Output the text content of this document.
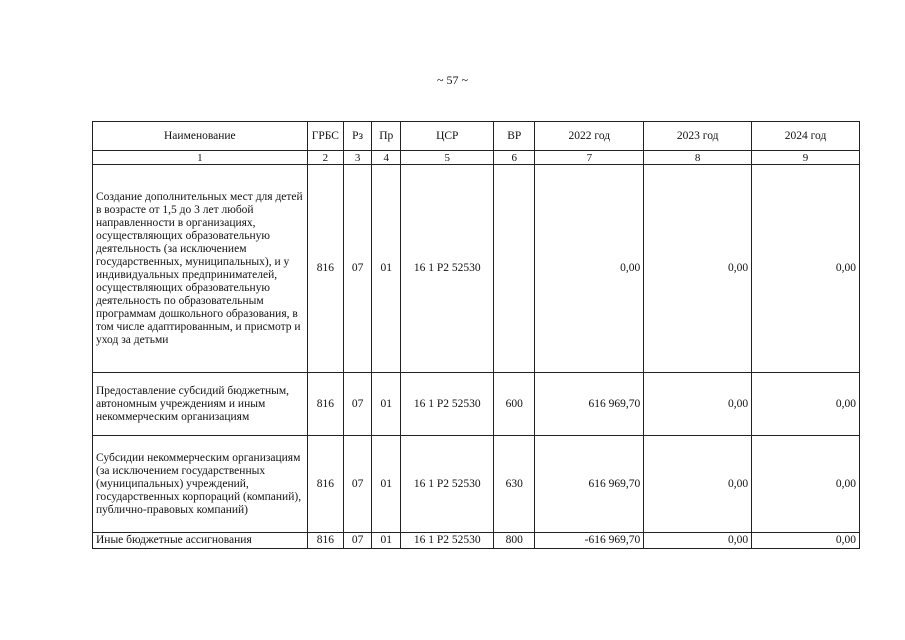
~ 57 ~
Наименование	ГРБС	Рз	Пр	ЦСР	ВР	2022 год	2023 год	2024 год
1	2	3	4	5	6	7	8	9
Создание дополнительных мест для детей в возрасте от 1,5 до 3 лет любой направленности в организациях, осуществляющих образовательную деятельность (за исключением государственных, муниципальных), и у индивидуальных предпринимателей, осуществляющих образовательную деятельность по образовательным программам дошкольного образования, в том числе адаптированным, и присмотр и уход за детьми	816	07	01	16 1 P2 52530		0,00	0,00	0,00
Предоставление субсидий бюджетным, автономным учреждениям и иным некоммерческим организациям	816	07	01	16 1 P2 52530	600	616 969,70	0,00	0,00
Субсидии некоммерческим организациям (за исключением государственных (муниципальных) учреждений, государственных корпораций (компаний), публично-правовых компаний)	816	07	01	16 1 P2 52530	630	616 969,70	0,00	0,00
Иные бюджетные ассигнования	816	07	01	16 1 P2 52530	800	-616 969,70	0,00	0,00
